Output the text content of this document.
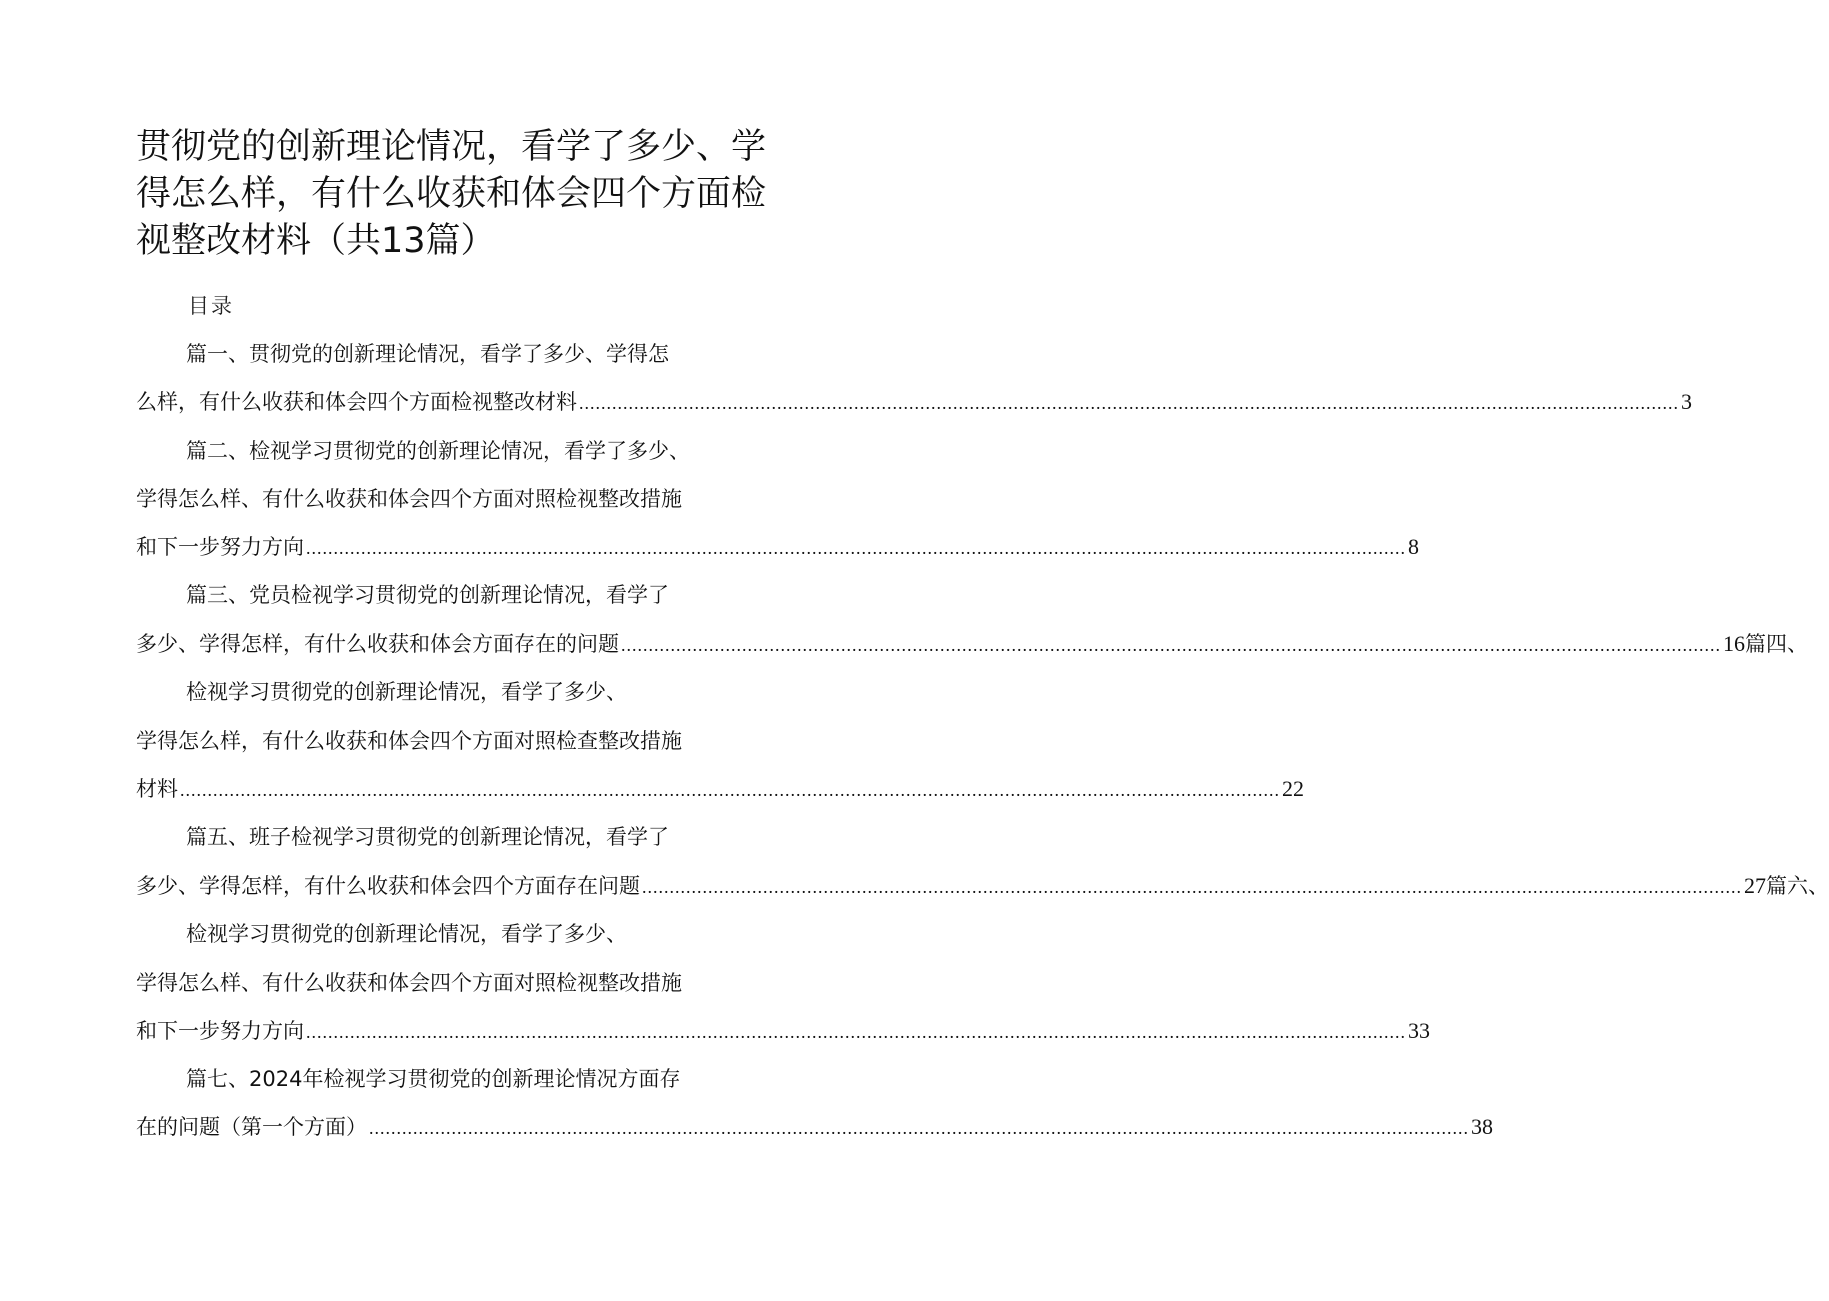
贯彻党的创新理论情况，看学了多少、学得怎么样，有什么收获和体会四个方面检视整改材料（共13篇）
目录
篇一、贯彻党的创新理论情况，看学了多少、学得怎
么样，有什么收获和体会四个方面检视整改材料 ........................................................................................................................................................................................................ 3
篇二、检视学习贯彻党的创新理论情况，看学了多少、
学得怎么样、有什么收获和体会四个方面对照检视整改措施
和下一步努力方向 ........................................................................................................................................................................................................ 8
篇三、党员检视学习贯彻党的创新理论情况，看学了
多少、学得怎样，有什么收获和体会方面存在的问题 ........................................................................................................................................................................................................ 16 篇四、
检视学习贯彻党的创新理论情况，看学了多少、
学得怎么样，有什么收获和体会四个方面对照检查整改措施
材料 ........................................................................................................................................................................................................ 22
篇五、班子检视学习贯彻党的创新理论情况，看学了
多少、学得怎样，有什么收获和体会四个方面存在问题 ........................................................................................................................................................................................................ 27 篇六、
检视学习贯彻党的创新理论情况，看学了多少、
学得怎么样、有什么收获和体会四个方面对照检视整改措施
和下一步努力方向 ........................................................................................................................................................................................................ 33
篇七、2024年检视学习贯彻党的创新理论情况方面存
在的问题（第一个方面） ........................................................................................................................................................................................................ 38
